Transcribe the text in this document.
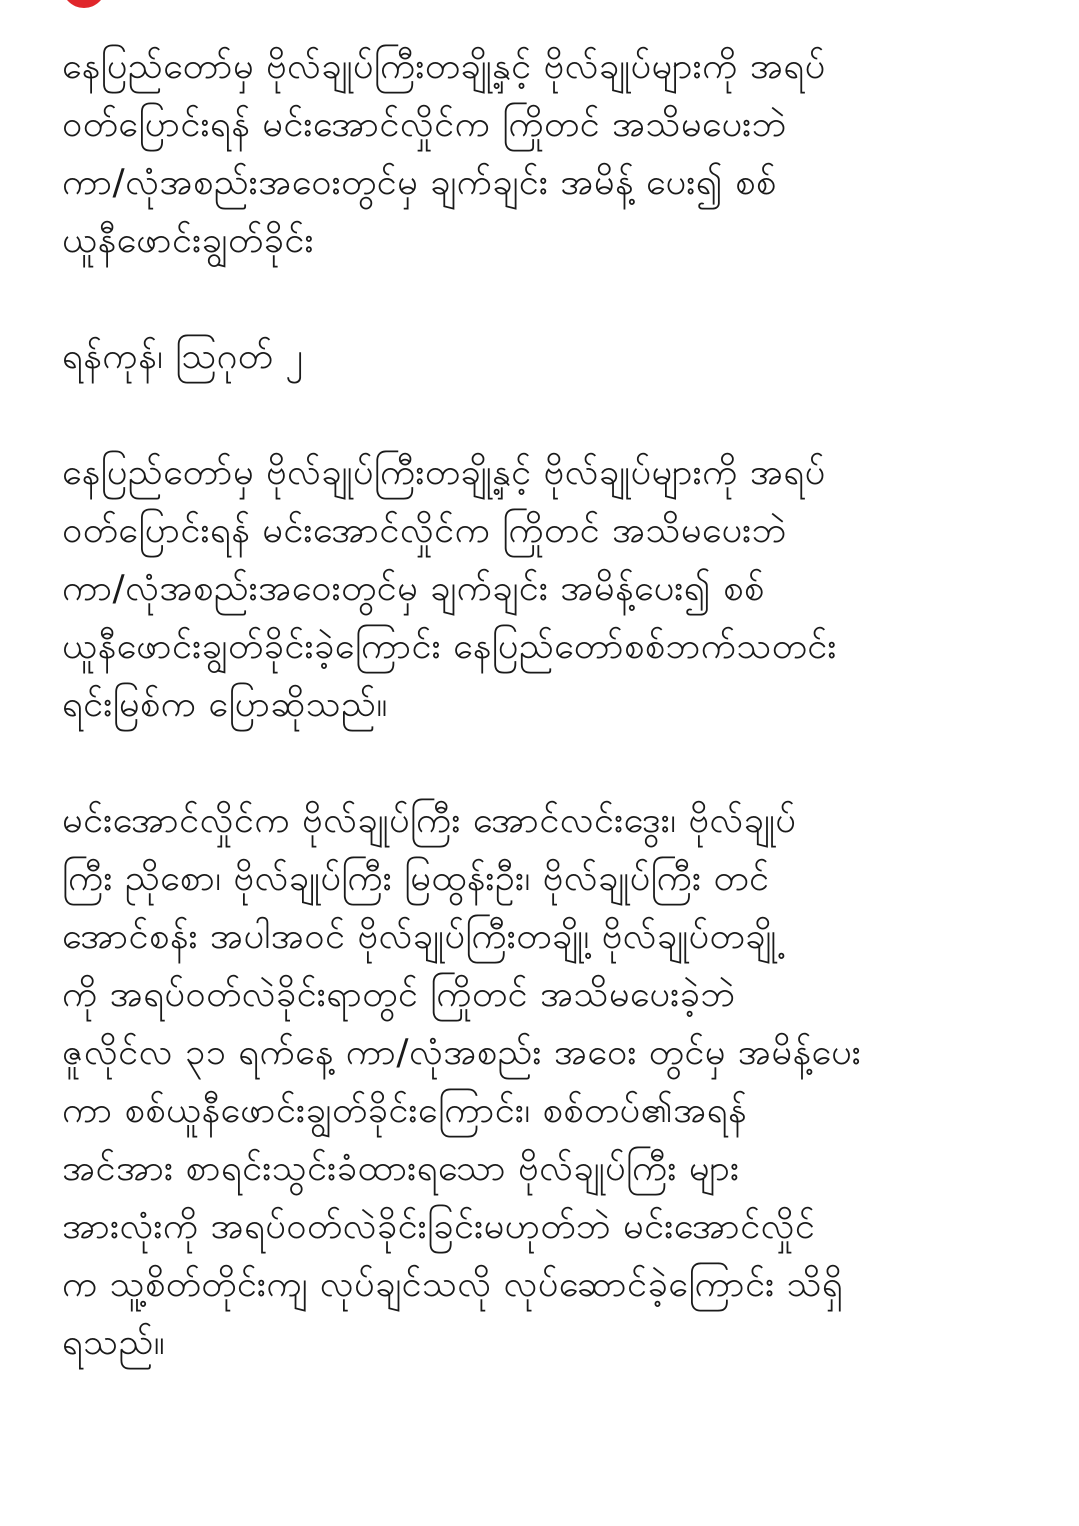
နေပြည်တော်မှ ဗိုလ်ချုပ်ကြီးတချို့နှင့် ဗိုလ်ချုပ်များကို အရပ်
ဝတ်ပြောင်းရန် မင်းအောင်လှိုင်က ကြိုတင် အသိမပေးဘဲ
ကာ/လုံအစည်းအဝေးတွင်မှ ချက်ချင်း အမိန့် ပေး၍ စစ်
ယူနီဖောင်းချွတ်ခိုင်း

ရန်ကုန်၊ ဩဂုတ် ၂

နေပြည်တော်မှ ဗိုလ်ချုပ်ကြီးတချို့နှင့် ဗိုလ်ချုပ်များကို အရပ်
ဝတ်ပြောင်းရန် မင်းအောင်လှိုင်က ကြိုတင် အသိမပေးဘဲ
ကာ/လုံအစည်းအဝေးတွင်မှ ချက်ချင်း အမိန့်ပေး၍ စစ်
ယူနီဖောင်းချွတ်ခိုင်းခဲ့ကြောင်း နေပြည်တော်စစ်ဘက်သတင်း
ရင်းမြစ်က ပြောဆိုသည်။

မင်းအောင်လှိုင်က ဗိုလ်ချုပ်ကြီး အောင်လင်းဒွေး၊ ဗိုလ်ချုပ်
ကြီး ညိုစော၊ ဗိုလ်ချုပ်ကြီး မြထွန်းဦး၊ ဗိုလ်ချုပ်ကြီး တင်
အောင်စန်း အပါအဝင် ဗိုလ်ချုပ်ကြီးတချို့၊ ဗိုလ်ချုပ်တချို့
ကို အရပ်ဝတ်လဲခိုင်းရာတွင် ကြိုတင် အသိမပေးခဲ့ဘဲ
ဇူလိုင်လ ၃၁ ရက်နေ့ ကာ/လုံအစည်း အဝေး တွင်မှ အမိန့်ပေး
ကာ စစ်ယူနီဖောင်းချွတ်ခိုင်းကြောင်း၊ စစ်တပ်၏အရန်
အင်အား စာရင်းသွင်းခံထားရသော ဗိုလ်ချုပ်ကြီး များ
အားလုံးကို အရပ်ဝတ်လဲခိုင်းခြင်းမဟုတ်ဘဲ မင်းအောင်လှိုင်
က သူ့စိတ်တိုင်းကျ လုပ်ချင်သလို လုပ်ဆောင်ခဲ့ကြောင်း သိရှိ
ရသည်။
